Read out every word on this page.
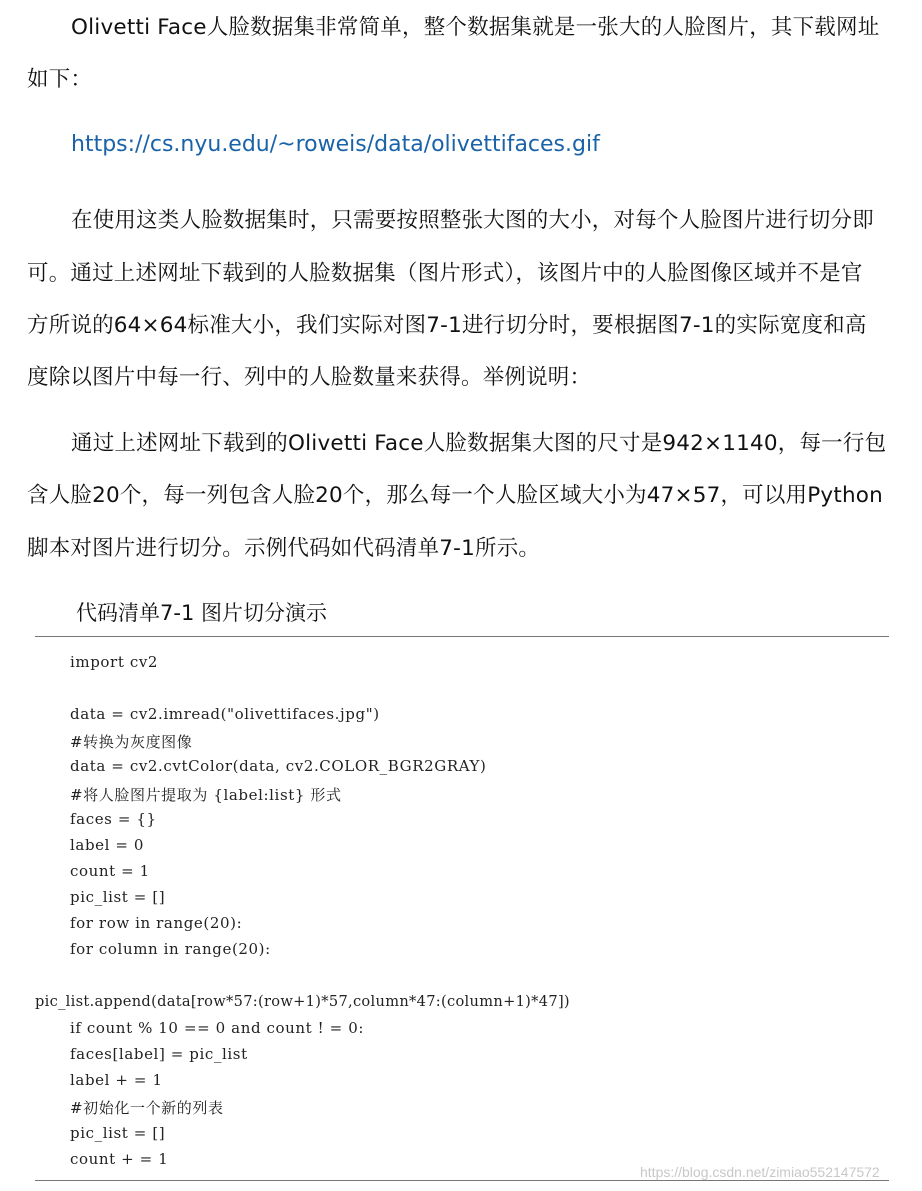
Olivetti Face人脸数据集非常简单，整个数据集就是一张大的人脸图片，其下载网址
如下：
https://cs.nyu.edu/~roweis/data/olivettifaces.gif
在使用这类人脸数据集时，只需要按照整张大图的大小，对每个人脸图片进行切分即
可。通过上述网址下载到的人脸数据集（图片形式），该图片中的人脸图像区域并不是官
方所说的64×64标准大小，我们实际对图7-1进行切分时，要根据图7-1的实际宽度和高
度除以图片中每一行、列中的人脸数量来获得。举例说明：
通过上述网址下载到的Olivetti Face人脸数据集大图的尺寸是942×1140，每一行包
含人脸20个，每一列包含人脸20个，那么每一个人脸区域大小为47×57，可以用Python
脚本对图片进行切分。示例代码如代码清单7-1所示。
代码清单7-1 图片切分演示
import cv2
data = cv2.imread("olivettifaces.jpg")
#转换为灰度图像
data = cv2.cvtColor(data, cv2.COLOR_BGR2GRAY)
#将人脸图片提取为 {label:list} 形式
faces = {}
label = 0
count = 1
pic_list = []
for row in range(20):
for column in range(20):
pic_list.append(data[row*57:(row+1)*57,column*47:(column+1)*47])
if count % 10 == 0 and count ! = 0:
faces[label] = pic_list
label + = 1
#初始化一个新的列表
pic_list = []
count + = 1
https://blog.csdn.net/zimiao552147572
